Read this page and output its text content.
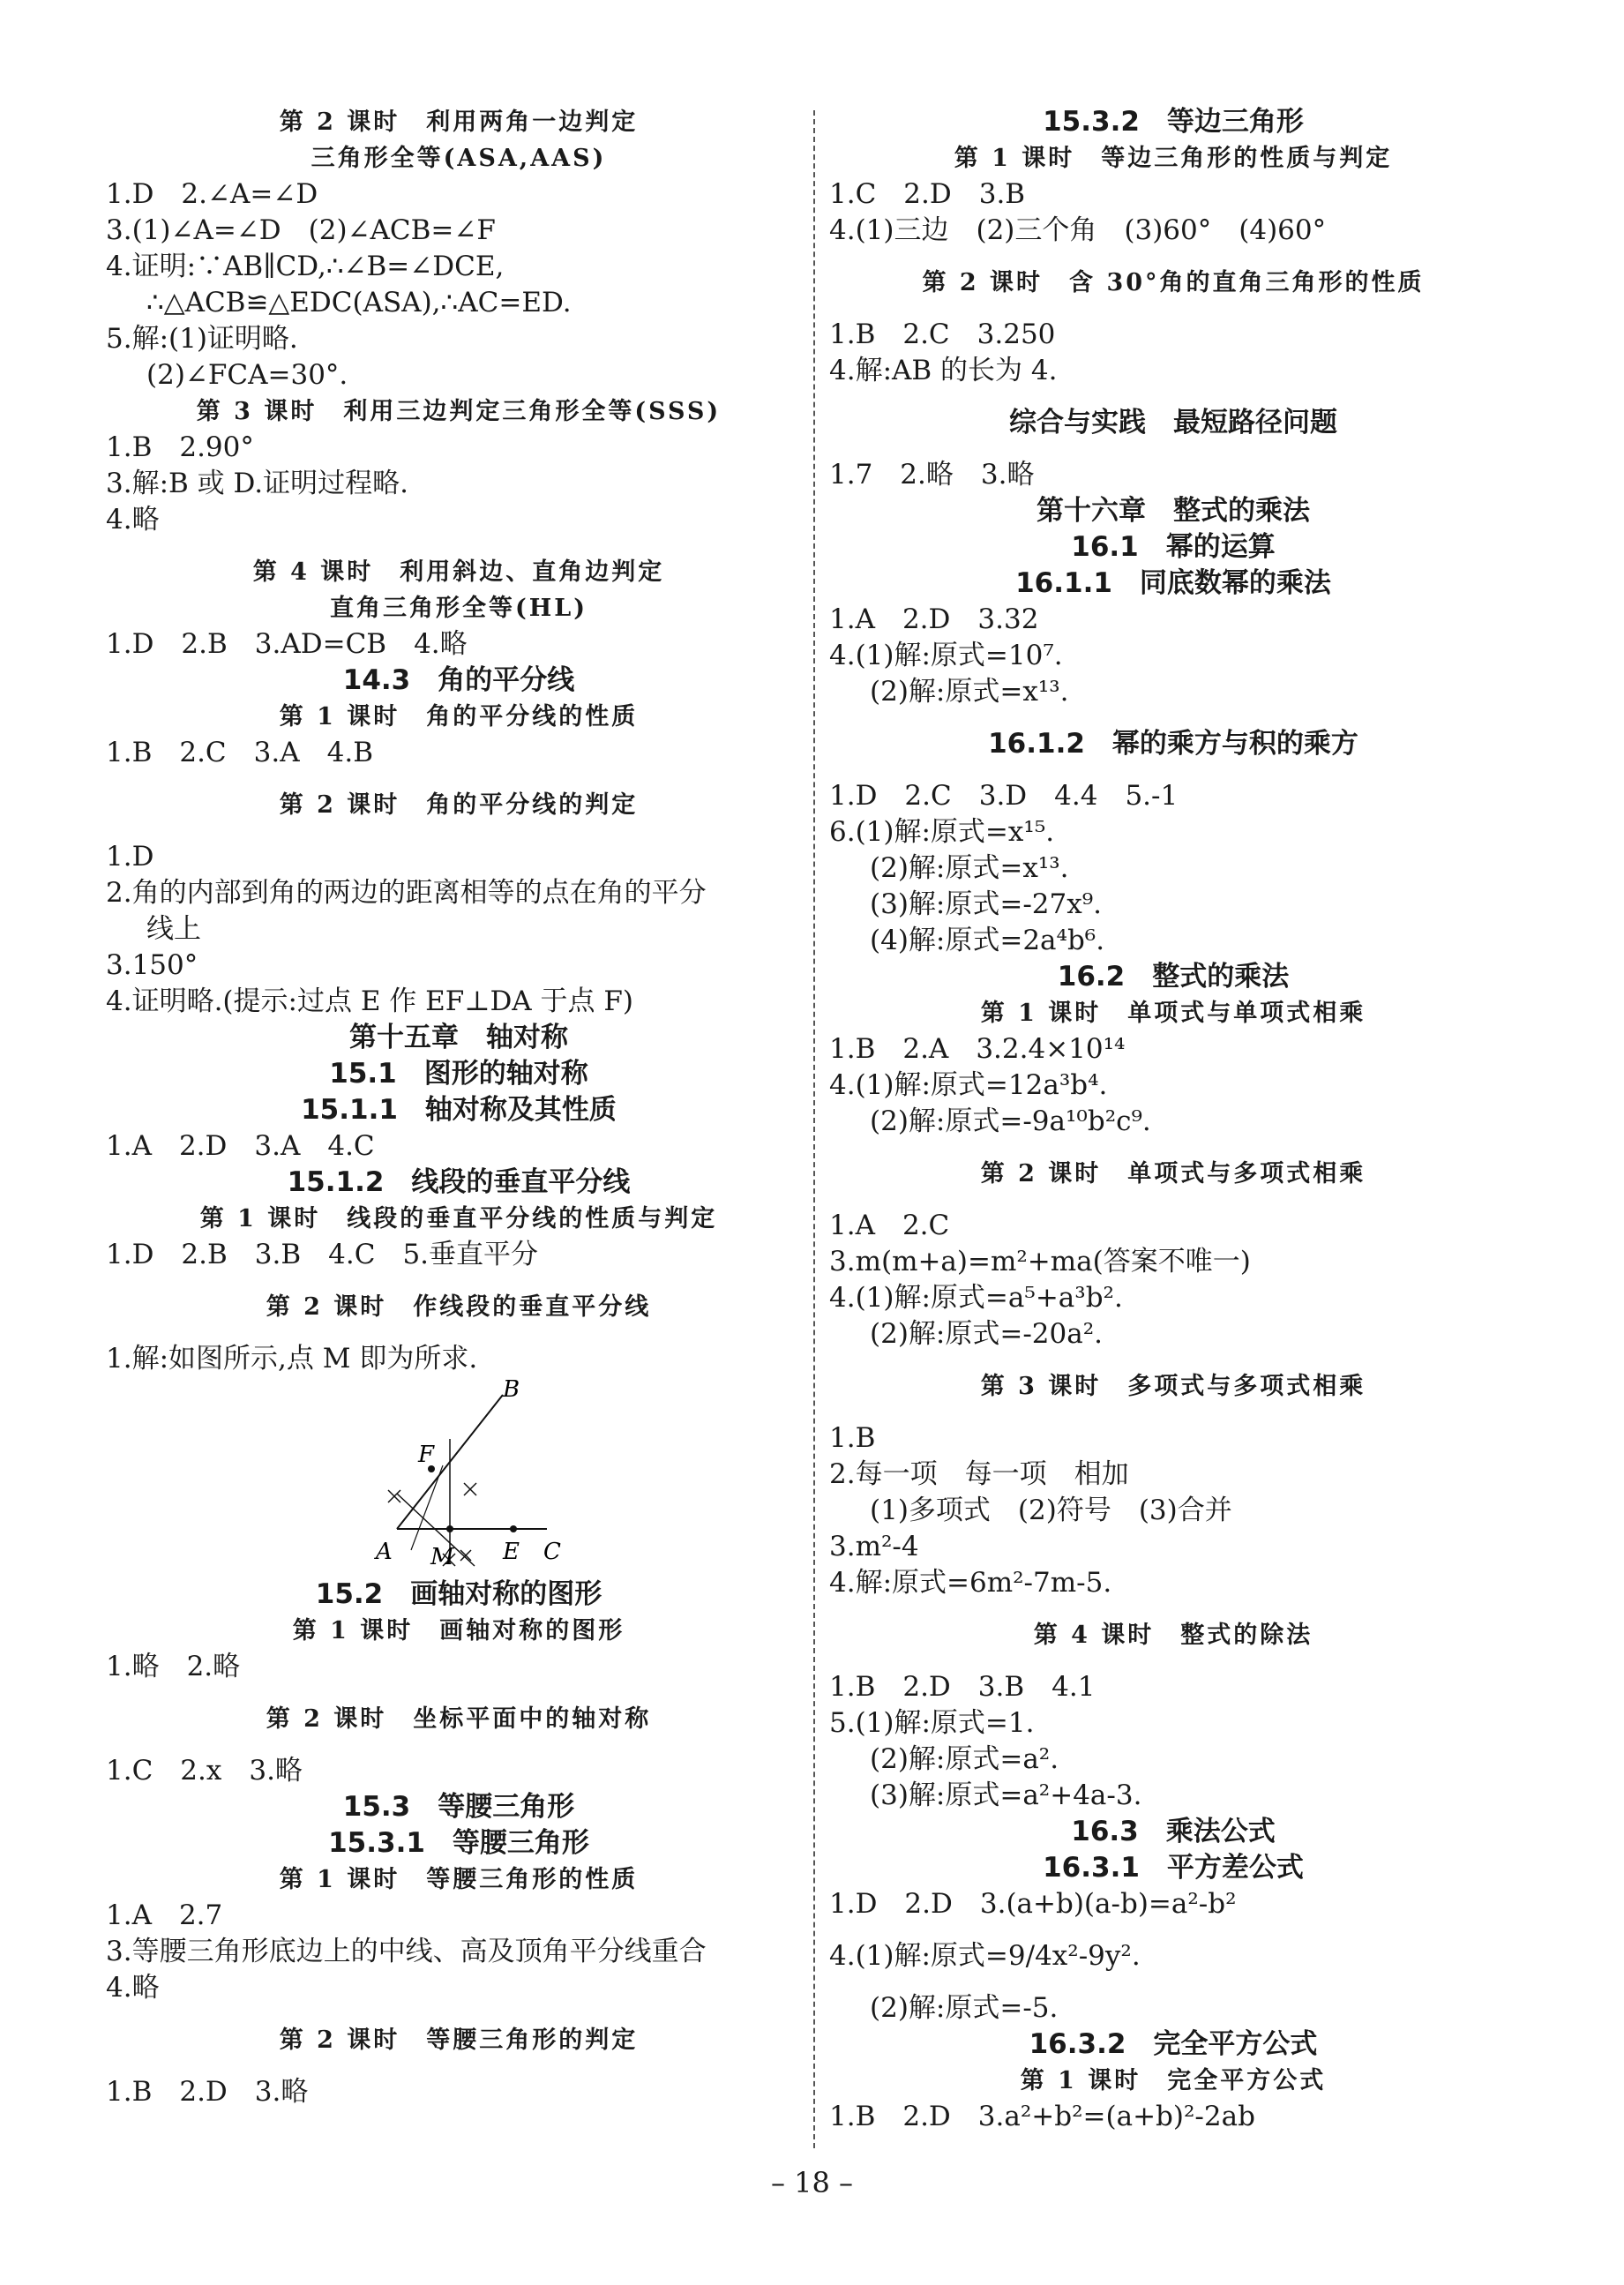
第 2 课时　利用两角一边判定
三角形全等(ASA,AAS)
1.D　2.∠A=∠D
3.(1)∠A=∠D　(2)∠ACB=∠F
4.证明:∵AB∥CD,∴∠B=∠DCE,
∴△ACB≌△EDC(ASA),∴AC=ED.
5.解:(1)证明略.
(2)∠FCA=30°.
第 3 课时　利用三边判定三角形全等(SSS)
1.B　2.90°
3.解:B 或 D.证明过程略.
4.略
第 4 课时　利用斜边、直角边判定
直角三角形全等(HL)
1.D　2.B　3.AD=CB　4.略
14.3　角的平分线
第 1 课时　角的平分线的性质
1.B　2.C　3.A　4.B
第 2 课时　角的平分线的判定
1.D
2.角的内部到角的两边的距离相等的点在角的平分
线上
3.150°
4.证明略.(提示:过点 E 作 EF⊥DA 于点 F)
第十五章　轴对称
15.1　图形的轴对称
15.1.1　轴对称及其性质
1.A　2.D　3.A　4.C
15.1.2　线段的垂直平分线
第 1 课时　线段的垂直平分线的性质与判定
1.D　2.B　3.B　4.C　5.垂直平分
第 2 课时　作线段的垂直平分线
1.解:如图所示,点 M 即为所求.
B
F
A M E C
15.2　画轴对称的图形
第 1 课时　画轴对称的图形
1.略　2.略
第 2 课时　坐标平面中的轴对称
1.C　2.x　3.略
15.3　等腰三角形
15.3.1　等腰三角形
第 1 课时　等腰三角形的性质
1.A　2.7
3.等腰三角形底边上的中线、高及顶角平分线重合
4.略
第 2 课时　等腰三角形的判定
1.B　2.D　3.略
15.3.2　等边三角形
第 1 课时　等边三角形的性质与判定
1.C　2.D　3.B
4.(1)三边　(2)三个角　(3)60°　(4)60°
第 2 课时　含 30°角的直角三角形的性质
1.B　2.C　3.250
4.解:AB 的长为 4.
综合与实践　最短路径问题
1.7　2.略　3.略
第十六章　整式的乘法
16.1　幂的运算
16.1.1　同底数幂的乘法
1.A　2.D　3.32
4.(1)解:原式=10⁷.
(2)解:原式=x¹³.
16.1.2　幂的乘方与积的乘方
1.D　2.C　3.D　4.4　5.-1
6.(1)解:原式=x¹⁵.
(2)解:原式=x¹³.
(3)解:原式=-27x⁹.
(4)解:原式=2a⁴b⁶.
16.2　整式的乘法
第 1 课时　单项式与单项式相乘
1.B　2.A　3.2.4×10¹⁴
4.(1)解:原式=12a³b⁴.
(2)解:原式=-9a¹⁰b²c⁹.
第 2 课时　单项式与多项式相乘
1.A　2.C
3.m(m+a)=m²+ma(答案不唯一)
4.(1)解:原式=a⁵+a³b².
(2)解:原式=-20a².
第 3 课时　多项式与多项式相乘
1.B
2.每一项　每一项　相加
(1)多项式　(2)符号　(3)合并
3.m²-4
4.解:原式=6m²-7m-5.
第 4 课时　整式的除法
1.B　2.D　3.B　4.1
5.(1)解:原式=1.
(2)解:原式=a².
(3)解:原式=a²+4a-3.
16.3　乘法公式
16.3.1　平方差公式
1.D　2.D　3.(a+b)(a-b)=a²-b²
4.(1)解:原式=9/4x²-9y².
(2)解:原式=-5.
16.3.2　完全平方公式
第 1 课时　完全平方公式
1.B　2.D　3.a²+b²=(a+b)²-2ab
– 18 –
